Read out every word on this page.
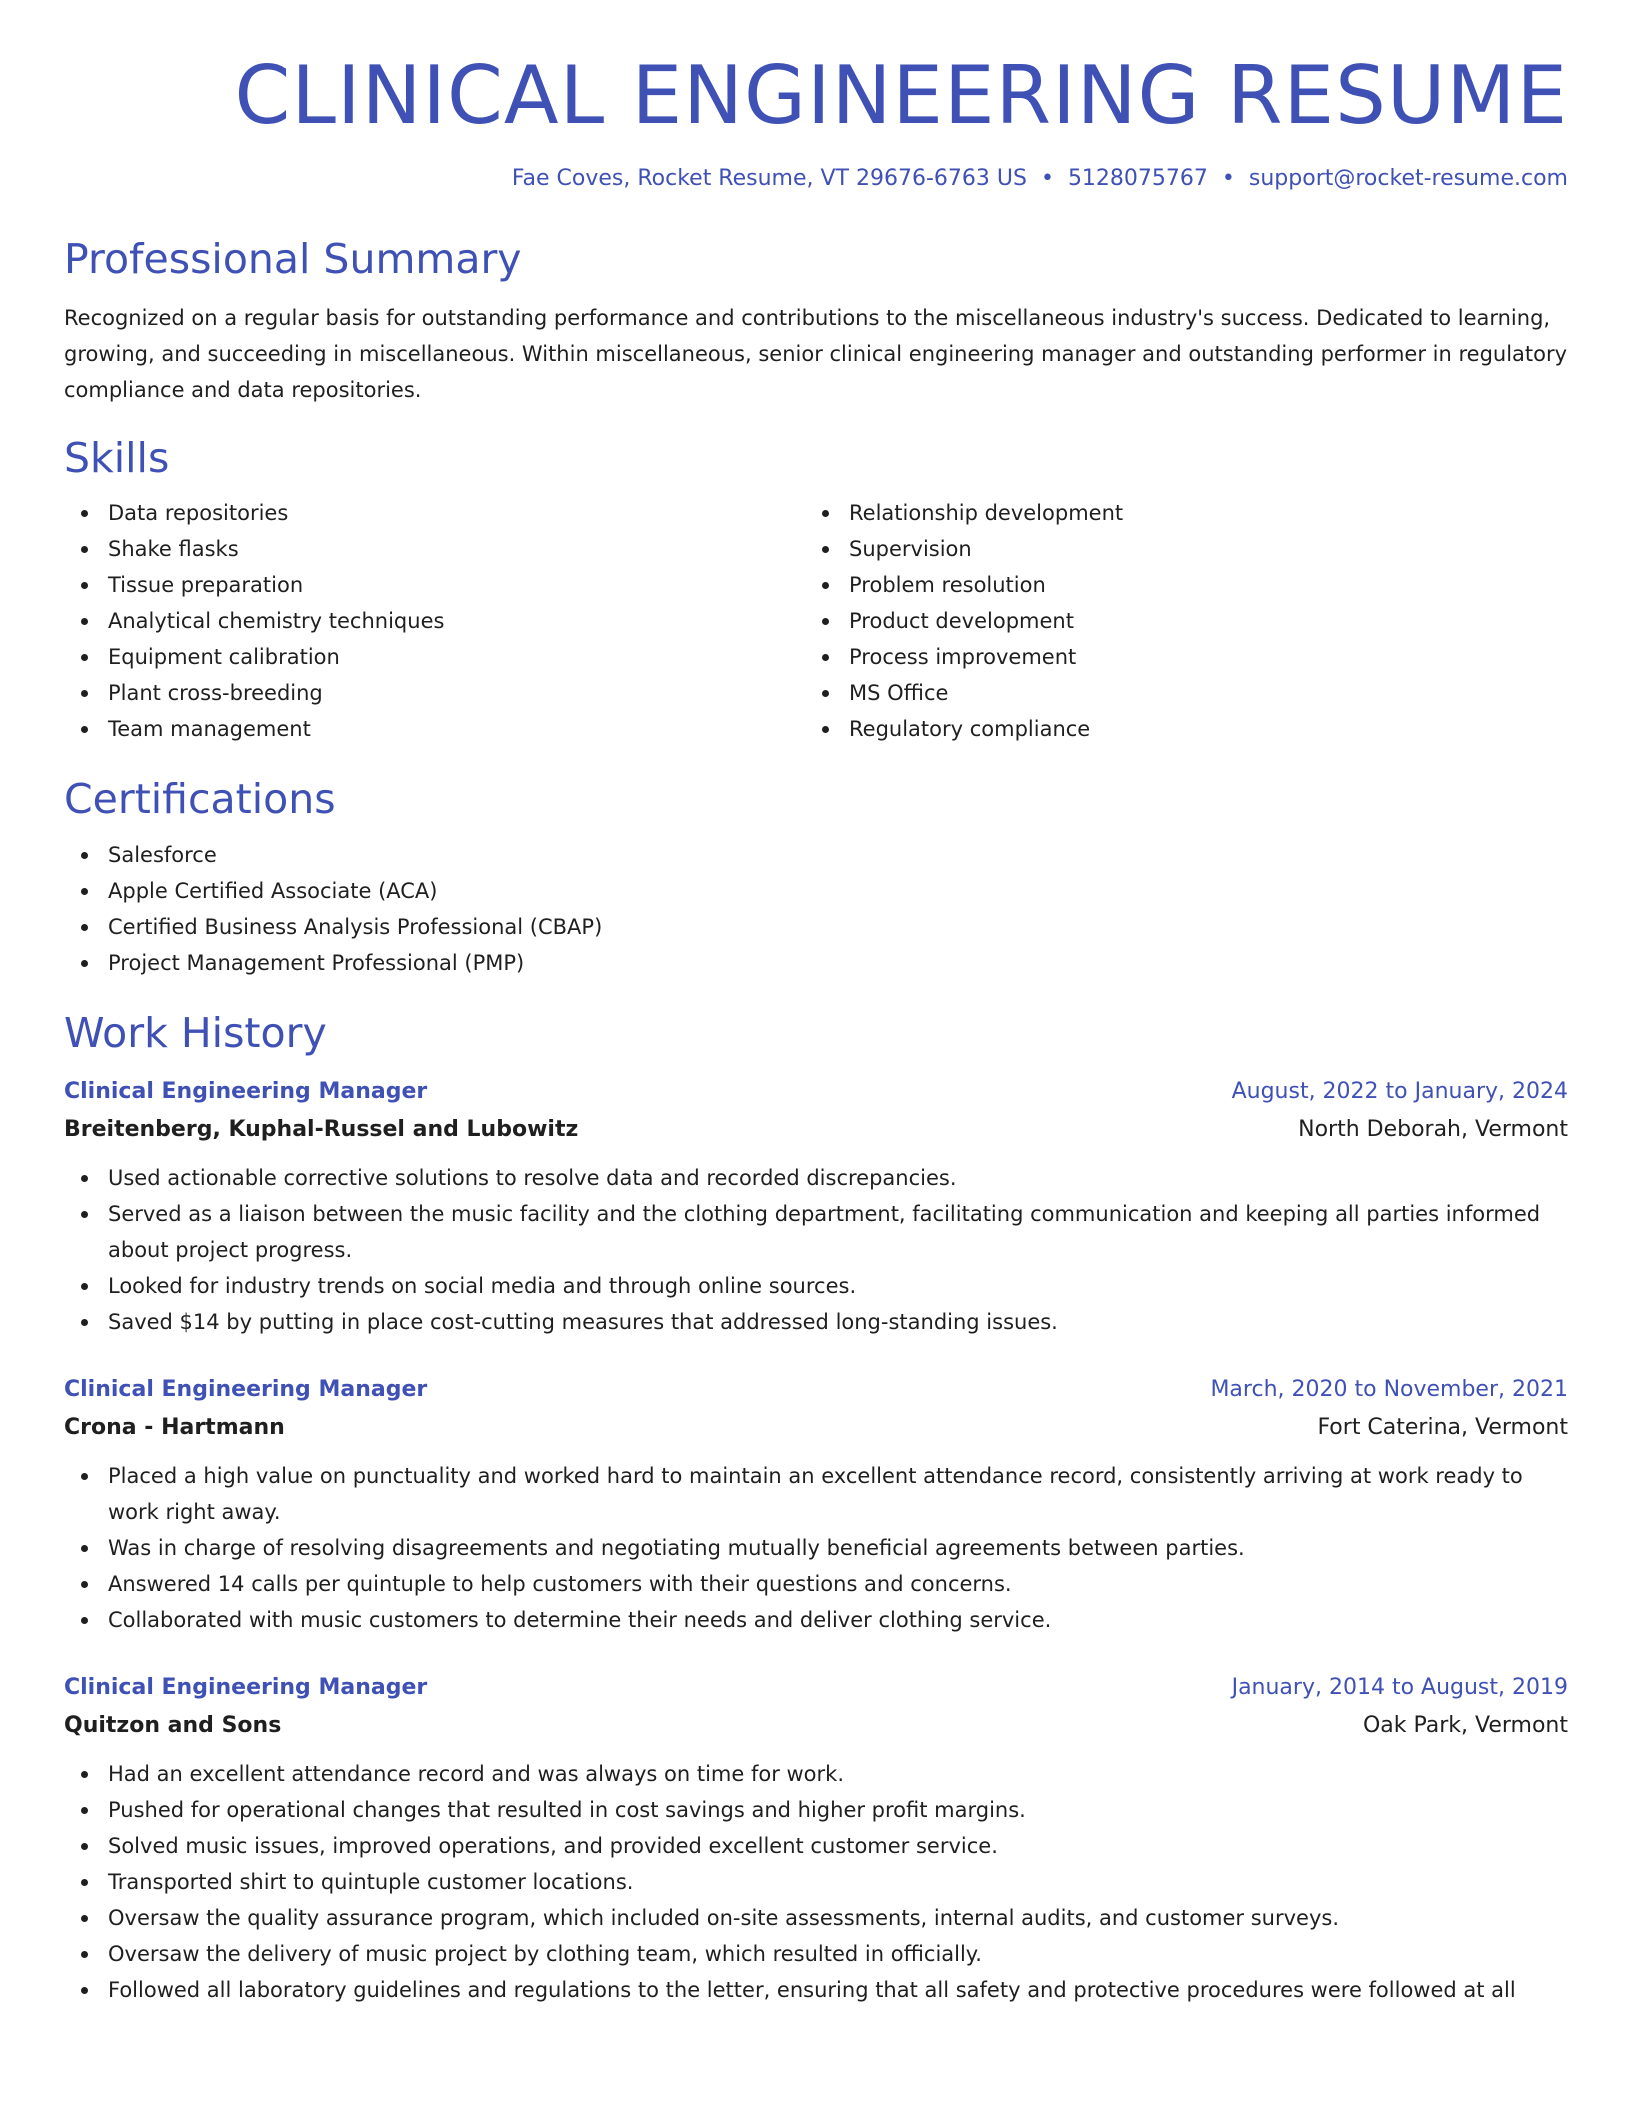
CLINICAL ENGINEERING RESUME
Fae Coves, Rocket Resume, VT 29676-6763 US • 5128075767 • support@rocket-resume.com
Professional Summary

Recognized on a regular basis for outstanding performance and contributions to the miscellaneous industry's success. Dedicated to learning, growing, and succeeding in miscellaneous. Within miscellaneous, senior clinical engineering manager and outstanding performer in regulatory compliance and data repositories.

Skills
Data repositories
Shake flasks
Tissue preparation
Analytical chemistry techniques
Equipment calibration
Plant cross-breeding
Team management
Relationship development
Supervision
Problem resolution
Product development
Process improvement
MS Office
Regulatory compliance
Certifications
Salesforce
Apple Certified Associate (ACA)
Certified Business Analysis Professional (CBAP)
Project Management Professional (PMP)
Work History
Clinical Engineering Manager	August, 2022 to January, 2024
Breitenberg, Kuphal-Russel and Lubowitz	North Deborah, Vermont
Used actionable corrective solutions to resolve data and recorded discrepancies.
Served as a liaison between the music facility and the clothing department, facilitating communication and keeping all parties informed about project progress.
Looked for industry trends on social media and through online sources.
Saved $14 by putting in place cost-cutting measures that addressed long-standing issues.
Clinical Engineering Manager	March, 2020 to November, 2021
Crona - Hartmann	Fort Caterina, Vermont
Placed a high value on punctuality and worked hard to maintain an excellent attendance record, consistently arriving at work ready to work right away.
Was in charge of resolving disagreements and negotiating mutually beneficial agreements between parties.
Answered 14 calls per quintuple to help customers with their questions and concerns.
Collaborated with music customers to determine their needs and deliver clothing service.
Clinical Engineering Manager	January, 2014 to August, 2019
Quitzon and Sons	Oak Park, Vermont
Had an excellent attendance record and was always on time for work.
Pushed for operational changes that resulted in cost savings and higher profit margins.
Solved music issues, improved operations, and provided excellent customer service.
Transported shirt to quintuple customer locations.
Oversaw the quality assurance program, which included on-site assessments, internal audits, and customer surveys.
Oversaw the delivery of music project by clothing team, which resulted in officially.
Followed all laboratory guidelines and regulations to the letter, ensuring that all safety and protective procedures were followed at all
